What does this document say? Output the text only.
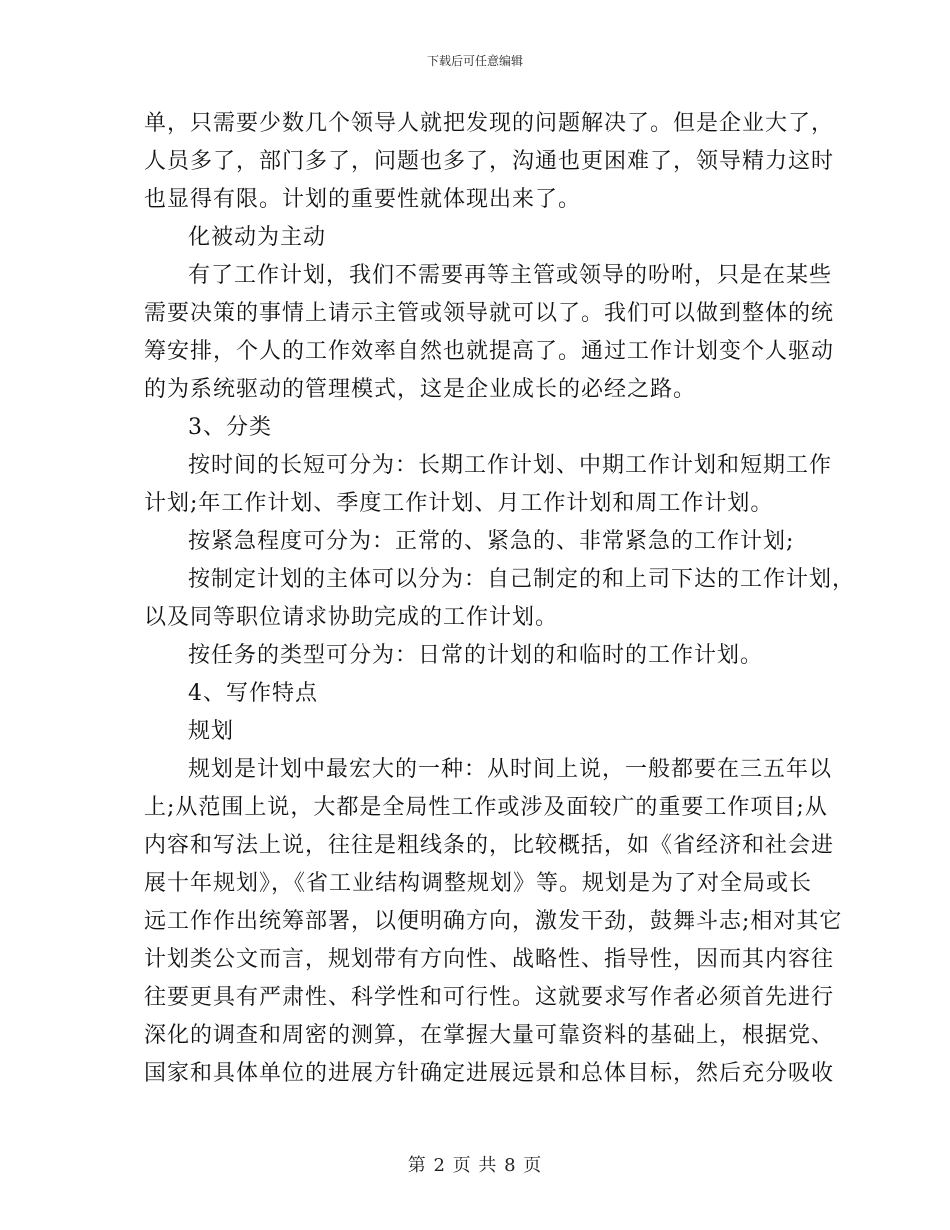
下载后可任意编辑
单，只需要少数几个领导人就把发现的问题解决了。但是企业大了，
人员多了，部门多了，问题也多了，沟通也更困难了，领导精力这时
也显得有限。计划的重要性就体现出来了。
化被动为主动
有了工作计划，我们不需要再等主管或领导的吩咐，只是在某些
需要决策的事情上请示主管或领导就可以了。我们可以做到整体的统
筹安排，个人的工作效率自然也就提高了。通过工作计划变个人驱动
的为系统驱动的管理模式，这是企业成长的必经之路。
3、分类
按时间的长短可分为：长期工作计划、中期工作计划和短期工作
计划;年工作计划、季度工作计划、月工作计划和周工作计划。
按紧急程度可分为：正常的、紧急的、非常紧急的工作计划;
按制定计划的主体可以分为：自己制定的和上司下达的工作计划，
以及同等职位请求协助完成的工作计划。
按任务的类型可分为：日常的计划的和临时的工作计划。
4、写作特点
规划
规划是计划中最宏大的一种：从时间上说，一般都要在三五年以
上;从范围上说，大都是全局性工作或涉及面较广的重要工作项目;从
内容和写法上说，往往是粗线条的，比较概括，如《省经济和社会进
展十年规划》，《省工业结构调整规划》等。规划是为了对全局或长
远工作作出统筹部署，以便明确方向，激发干劲，鼓舞斗志;相对其它
计划类公文而言，规划带有方向性、战略性、指导性，因而其内容往
往要更具有严肃性、科学性和可行性。这就要求写作者必须首先进行
深化的调查和周密的测算，在掌握大量可靠资料的基础上，根据党、
国家和具体单位的进展方针确定进展远景和总体目标，然后充分吸收
第 2 页 共 8 页
